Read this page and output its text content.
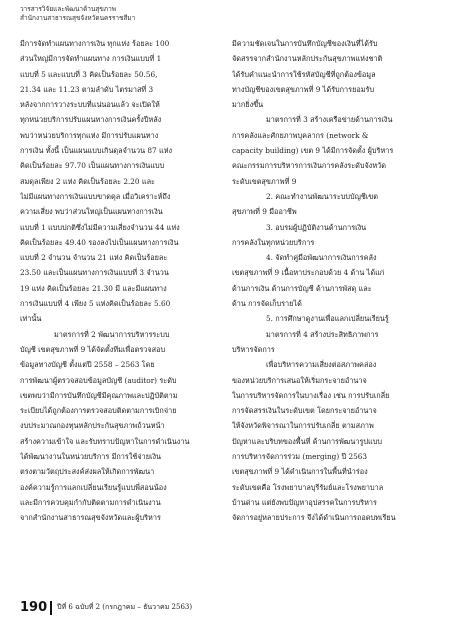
วารสารวิจัยและพัฒนาด้านสุขภาพ
สำนักงานสาธารณสุขจังหวัดนครราชสีมา

มีการจัดทำแผนทางการเงิน ทุกแห่ง ร้อยละ 100

ส่วนใหญ่มีการจัดทำแผนทาง การเงินแบบที่ 1

แบบที่ 5 และแบบที่ 3 คิดเป็นร้อยละ 50.56,

21.34 และ 11.23 ตามลำดับ ไตรมาสที่ 3

หลังจากการวางระบบที่แน่นอนแล้ว จะเปิดให้

ทุกหน่วยบริการปรับแผนทางการเงินครั้งปีหลัง

พบว่าหน่วยบริการทุกแห่ง มีการปรับแผนทาง

การเงิน ทั้งนี้ เป็นแผนแบบเกินดุลจำนวน 87 แห่ง

คิดเป็นร้อยละ 97.70 เป็นแผนทางการเงินแบบ

สมดุลเพียง 2 แห่ง คิดเป็นร้อยละ 2.20 และ

ไม่มีแผนทางการเงินแบบขาดดุล เมื่อวิเคราะห์ถึง

ความเสี่ยง พบว่าส่วนใหญ่เป็นแผนทางการเงิน

แบบที่ 1 แบบปกติซึ่งไม่มีความเสี่ยงจำนวน 44 แห่ง

คิดเป็นร้อยละ 49.40 รองลงไปเป็นแผนทางการเงิน

แบบที่ 2 จำนวน จำนวน 21 แห่ง คิดเป็นร้อยละ

23.50 และเป็นแผนทางการเงินแบบที่ 3 จำนวน

19 แห่ง คิดเป็นร้อยละ 21.30 มี และมีแผนทาง

การเงินแบบที่ 4 เพียง 5 แห่งคิดเป็นร้อยละ 5.60

เท่านั้น

มาตรการที่ 2 พัฒนาการบริหารระบบ

บัญชี เขตสุขภาพที่ 9 ได้จัดตั้งทีมเพื่อตรวจสอบ

ข้อมูลทางบัญชี ตั้งแต่ปี 2558 – 2563 โดย

การพัฒนาผู้ตรวจสอบข้อมูลบัญชี (auditor) ระดับ

เขตพบว่ามีการบันทึกบัญชีมีคุณภาพและปฏิบัติตาม

ระเบียบได้ถูกต้องการตรวจสอบติดตามการเบิกจ่าย

งบประมาณกองทุนหลักประกันสุขภาพถ้วนหน้า

สร้างความเข้าใจ และรับทราบปัญหาในการดำเนินงาน

ได้พัฒนางานในหน่วยบริการ มีการใช้จ่ายเงิน

ตรงตามวัตถุประสงค์ส่งผลให้เกิดการพัฒนา

องค์ความรู้การแลกเปลี่ยนเรียนรู้แบบพี่สอนน้อง

และมีการควบคุมกำกับติดตามการดำเนินงาน

จากสำนักงานสาธารณสุขจังหวัดและผู้บริหาร

มีความชัดเจนในการบันทึกบัญชีของเงินที่ได้รับ

จัดสรรจากสำนักงานหลักประกันสุขภาพแห่งชาติ

ได้รับคำแนะนำการใช้รหัสบัญชีที่ถูกต้องข้อมูล

ทางบัญชีของเขตสุขภาพที่ 9 ได้รับการยอมรับ

มากยิ่งขึ้น

มาตรการที่ 3 สร้างเครือข่ายด้านการเงิน

การคลังและศักยภาพบุคลากร (network &

capacity building) เขต 9 ได้มีการจัดตั้ง ผู้บริหาร

คณะกรรมการบริหารการเงินการคลังระดับจังหวัด

ระดับเขตสุขภาพที่ 9

2. คณะทำงานพัฒนาระบบบัญชีเขต

สุขภาพที่ 9 มืออาชีพ

3. อบรมผู้ปฏิบัติงานด้านการเงิน

การคลังในทุกหน่วยบริการ

4. จัดทำคู่มือพัฒนาการเงินการคลัง

เขตสุขภาพที่ 9 เนื้อหาประกอบด้วย 4 ด้าน ได้แก่

ด้านการเงิน ด้านการบัญชี ด้านการพัสดุ และ

ด้าน การจัดเก็บรายได้

5. การศึกษาดูงานเพื่อแลกเปลี่ยนเรียนรู้

มาตรการที่ 4 สร้างประสิทธิภาพการ

บริหารจัดการ

เพื่อบริหารความเสี่ยงต่อสภาพคล่อง

ของหน่วยบริการเสนอให้เริ่มกระจายอำนาจ

ในการบริหารจัดการในบางเรื่อง เช่น การปรับเกลี่ย

การจัดสรรเงินในระดับเขต โดยกระจายอำนาจ

ให้จังหวัดพิจารณาในการปรับเกลี่ย ตามสภาพ

ปัญหาและบริบทของพื้นที่ ด้านการพัฒนารูปแบบ

การบริหารจัดการร่วม (merging) ปี 2563

เขตสุขภาพที่ 9 ได้ดำเนินการในพื้นที่นำร่อง

ระดับเขตคือ โรงพยาบาลบุรีรัมย์และโรงพยาบาล

บ้านด่าน แต่ยังพบปัญหาอุปสรรคในการบริหาร

จัดการอยู่หลายประการ จึงได้ดำเนินการถอดบทเรียน

190 ปีที่ 6 ฉบับที่ 2 (กรกฎาคม – ธันวาคม 2563)
